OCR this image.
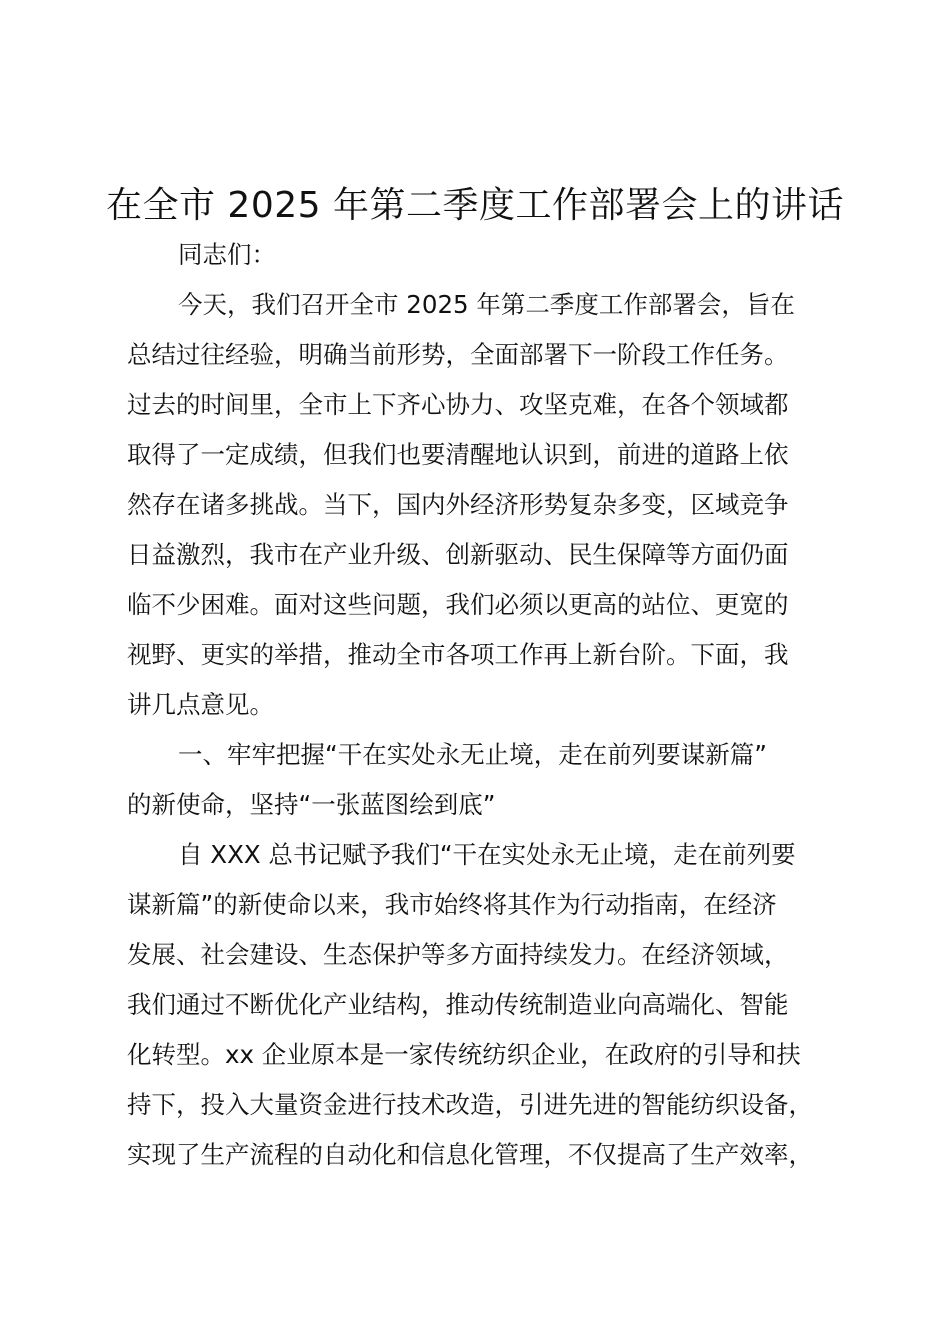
在全市 2025 年第二季度工作部署会上的讲话

同志们：

今天，我们召开全市 2025 年第二季度工作部署会，旨在

总结过往经验，明确当前形势，全面部署下一阶段工作任务。

过去的时间里，全市上下齐心协力、攻坚克难，在各个领域都

取得了一定成绩，但我们也要清醒地认识到，前进的道路上依

然存在诸多挑战。当下，国内外经济形势复杂多变，区域竞争

日益激烈，我市在产业升级、创新驱动、民生保障等方面仍面

临不少困难。面对这些问题，我们必须以更高的站位、更宽的

视野、更实的举措，推动全市各项工作再上新台阶。下面，我

讲几点意见。

一、牢牢把握“干在实处永无止境，走在前列要谋新篇”

的新使命，坚持“一张蓝图绘到底”

自 XXX 总书记赋予我们“干在实处永无止境，走在前列要

谋新篇”的新使命以来，我市始终将其作为行动指南，在经济

发展、社会建设、生态保护等多方面持续发力。在经济领域，

我们通过不断优化产业结构，推动传统制造业向高端化、智能

化转型。xx 企业原本是一家传统纺织企业，在政府的引导和扶

持下，投入大量资金进行技术改造，引进先进的智能纺织设备，

实现了生产流程的自动化和信息化管理，不仅提高了生产效率，
